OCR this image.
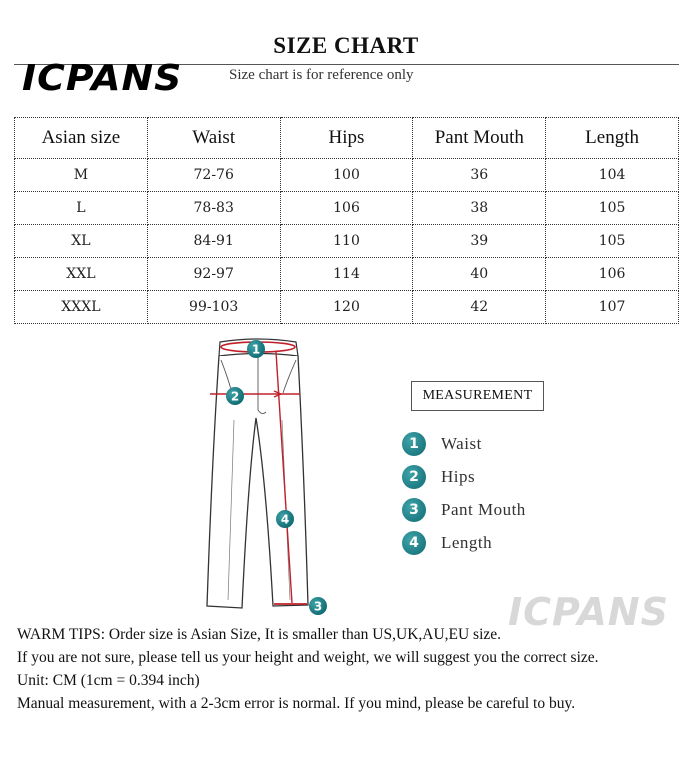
SIZE CHART
ICPANS	Size chart is for reference only
Asian size	Waist	Hips	Pant Mouth	Length
M	72-76	100	36	104
L	78-83	106	38	105
XL	84-91	110	39	105
XXL	92-97	114	40	106
XXXL	99-103	120	42	107
1
2
3
4
MEASUREMENT
1	Waist
2	Hips
3	Pant Mouth
4	Length
ICPANS

WARM TIPS: Order size is Asian Size, It is smaller than US,UK,AU,EU size.

If you are not sure, please tell us your height and weight, we will suggest you the correct size.

Unit: CM (1cm = 0.394 inch)

Manual measurement, with a 2-3cm error is normal. If you mind, please be careful to buy.
